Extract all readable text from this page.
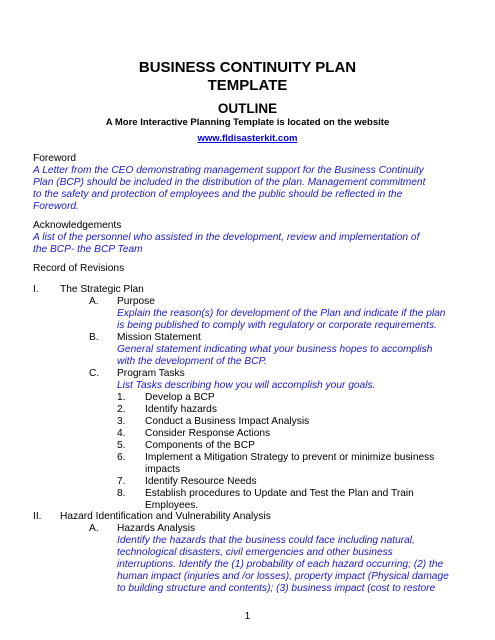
BUSINESS CONTINUITY PLAN
TEMPLATE
OUTLINE
A More Interactive Planning Template is located on the website
www.fldisasterkit.com
Foreword
A Letter from the CEO demonstrating management support for the Business Continuity
Plan (BCP) should be included in the distribution of the plan. Management commitment
to the safety and protection of employees and the public should be reflected in the
Foreword.
Acknowledgements
A list of the personnel who assisted in the development, review and implementation of
the BCP- the BCP Team
Record of Revisions
I. The Strategic Plan
A. Purpose
Explain the reason(s) for development of the Plan and indicate if the plan
is being published to comply with regulatory or corporate requirements.
B. Mission Statement
General statement indicating what your business hopes to accomplish
with the development of the BCP.
C. Program Tasks
List Tasks describing how you will accomplish your goals.
1. Develop a BCP
2. Identify hazards
3. Conduct a Business Impact Analysis
4. Consider Response Actions
5. Components of the BCP
6. Implement a Mitigation Strategy to prevent or minimize business
impacts
7. Identify Resource Needs
8. Establish procedures to Update and Test the Plan and Train
Employees.
II. Hazard Identification and Vulnerability Analysis
A. Hazards Analysis
Identify the hazards that the business could face including natural,
technological disasters, civil emergencies and other business
interruptions. Identify the (1) probability of each hazard occurring; (2) the
human impact (injuries and /or losses), property impact (Physical damage
to building structure and contents); (3) business impact (cost to restore
1
